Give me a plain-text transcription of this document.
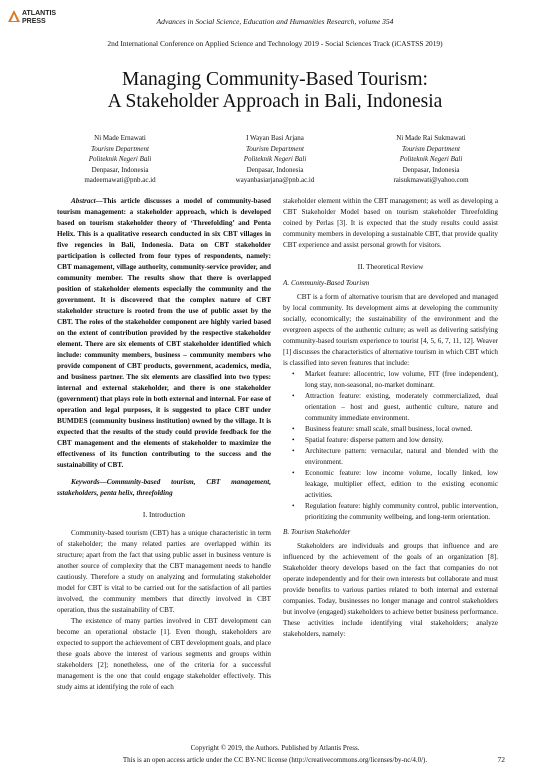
ATLANTIS
PRESS	Advances in Social Science, Education and Humanities Research, volume 354
2nd International Conference on Applied Science and Technology 2019 - Social Sciences Track (iCASTSS 2019)
Managing Community-Based Tourism:
A Stakeholder Approach in Bali, Indonesia
Ni Made Ernawati
Tourism Department
Politeknik Negeri Bali
Denpasar, Indonesia
madeernawati@pnb.ac.id
I Wayan Basi Arjana
Tourism Department
Politeknik Negeri Bali
Denpasar, Indonesia
wayanbasiarjana@pnb.ac.id
Ni Made Rai Sukmawati
Tourism Department
Politeknik Negeri Bali
Denpasar, Indonesia
raisukmawati@yahoo.com

Abstract—This article discusses a model of community-based tourism management: a stakeholder approach, which is developed based on tourism stakeholder theory of ‘Threefolding’ and Penta Helix. This is a qualitative research conducted in six CBT villages in five regencies in Bali, Indonesia. Data on CBT stakeholder participation is collected from four types of respondents, namely: CBT management, village authority, community-service provider, and community member. The results show that there is overlapped position of stakeholder elements especially the community and the government. It is discovered that the complex nature of CBT stakeholder structure is rooted from the use of public asset by the CBT. The roles of the stakeholder component are highly varied based on the extent of contribution provided by the respective stakeholder element. There are six elements of CBT stakeholder identified which include: community members, business – community members who provide component of CBT products, government, academics, media, and business partner. The six elements are classified into two types: internal and external stakeholder, and there is one stakeholder (government) that plays role in both external and internal. For ease of operation and legal purposes, it is suggested to place CBT under BUMDES (community business institution) owned by the village. It is expected that the results of the study could provide feedback for the CBT management and the elements of stakeholder to maximize the effectiveness of its function contributing to the success and the sustainability of CBT.

Keywords—Community-based tourism, CBT management, sstakeholders, penta helix, threefolding

I. Introduction

Community-based tourism (CBT) has a unique characteristic in term of stakeholder; the many related parties are overlapped within its structure; apart from the fact that using public asset in business venture is another source of complexity that the CBT management needs to handle cautiously. Therefore a study on analyzing and formulating stakeholder model for CBT is vital to be carried out for the satisfaction of all parties involved, the community members that directly involved in CBT operation, thus the sustainability of CBT.

The existence of many parties involved in CBT development can become an operational obstacle [1]. Even though, stakeholders are expected to support the achievement of CBT development goals, and place these goals above the interest of various segments and groups within stakeholders [2]; nonetheless, one of the criteria for a successful management is the one that could engage stakeholder effectively. This study aims at identifying the role of each

stakeholder element within the CBT management; as well as developing a CBT Stakeholder Model based on tourism stakeholder Threefolding coined by Perlas [3]. It is expected that the study results could assist community members in developing a sustainable CBT, that provide quality CBT experience and assist personal growth for visitors.

II. Theoretical Review
A. Community-Based Tourism

CBT is a form of alternative tourism that are developed and managed by local community. Its development aims at developing the community socially, economically; the sustainability of the environment and the evergreen aspects of the authentic culture; as well as delivering satisfying community-based tourism experience to tourist [4, 5, 6, 7, 11, 12]. Weaver [1] discusses the characteristics of alternative tourism in which CBT which is classified into seven features that include:

• Market feature: allocentric, low volume, FIT (free independent), long stay, non-seasonal, no-market dominant.
• Attraction feature: existing, moderately commercialized, dual orientation – host and guest, authentic culture, nature and community immediate environment.
• Business feature: small scale, small business, local owned.
• Spatial feature: disperse pattern and low density.
• Architecture pattern: vernacular, natural and blended with the environment.
• Economic feature: low income volume, locally linked, low leakage, multiplier effect, edition to the existing economic activities.
• Regulation feature: highly community control, public intervention, prioritizing the community wellbeing, and long-term orientation.
B. Tourism Stakeholder

Stakeholders are individuals and groups that influence and are influenced by the achievement of the goals of an organization [8]. Stakeholder theory develops based on the fact that companies do not operate independently and for their own interests but collaborate and must provide benefits to various parties related to both internal and external companies. Today, businesses no longer manage and control stakeholders but involve (engaged) stakeholders to achieve better business performance. These activities include identifying vital stakeholders; analyze stakeholders, namely:

Copyright © 2019, the Authors. Published by Atlantis Press.
This is an open access article under the CC BY-NC license (http://creativecommons.org/licenses/by-nc/4.0/).	72
